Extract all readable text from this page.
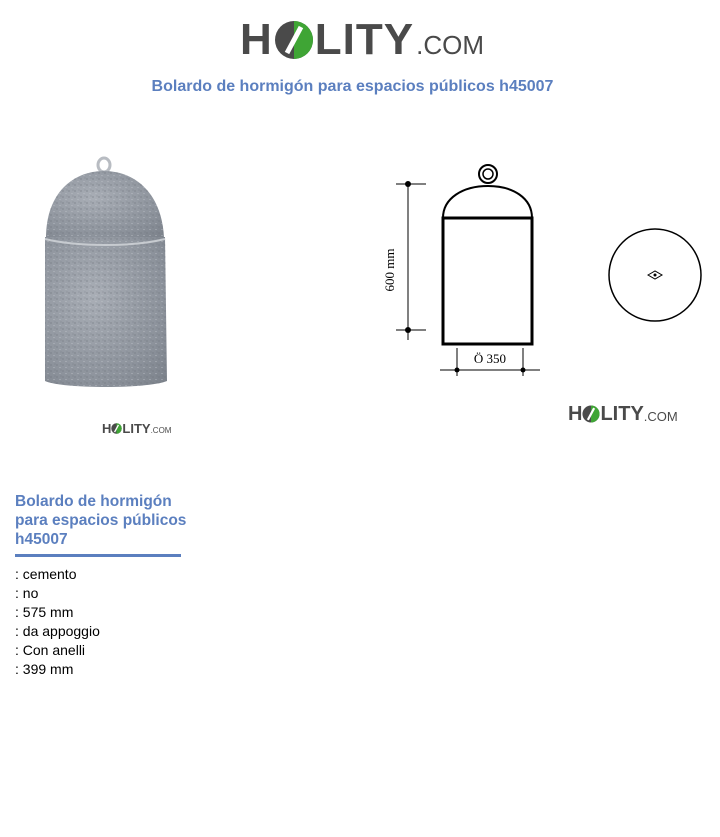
H LITY .COM
Bolardo de hormigón para espacios públicos h45007
H LITY .COM
600 mm
Ö 350
H LITY .COM
Bolardo de hormigón para espacios públicos h45007
: cemento
: no
: 575 mm
: da appoggio
: Con anelli
: 399 mm
